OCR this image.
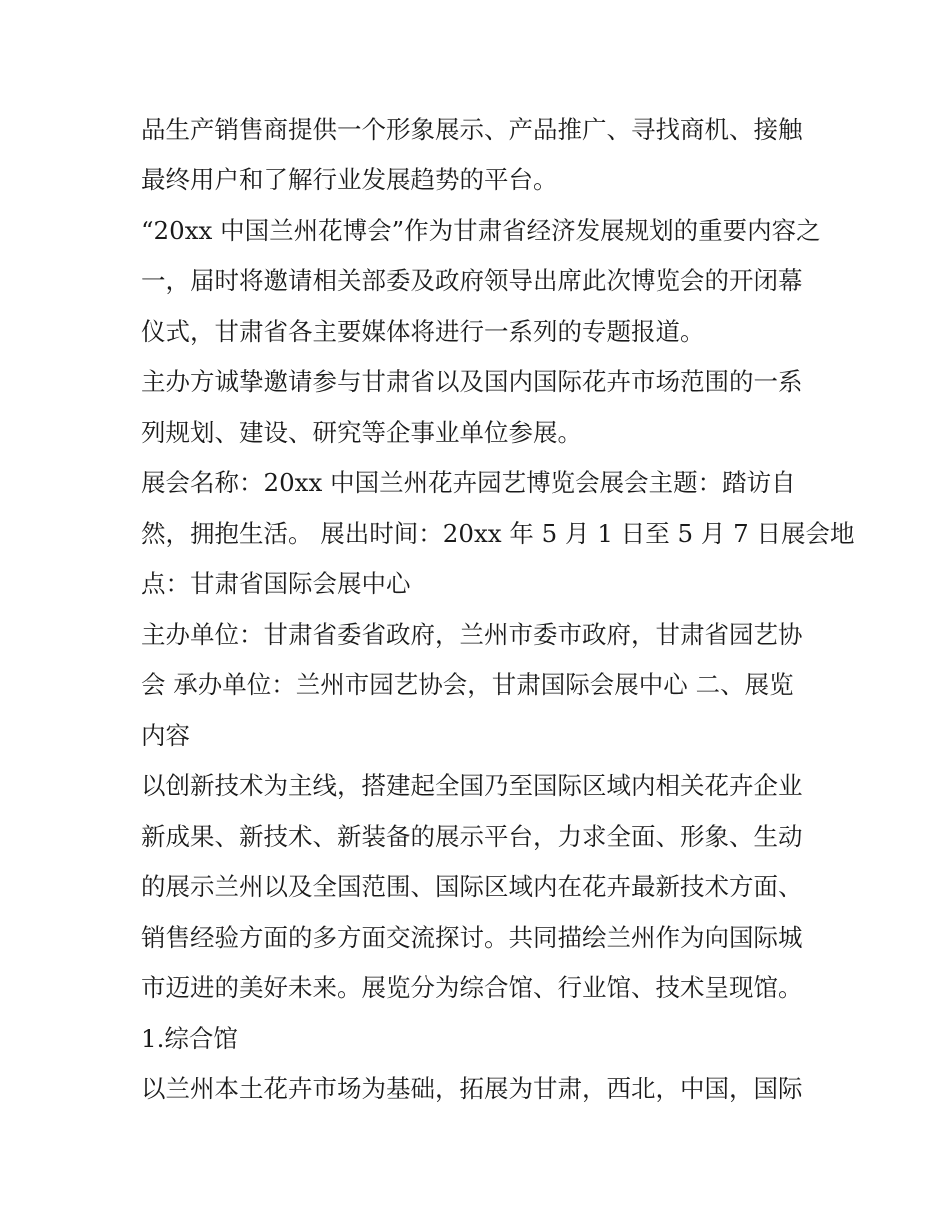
品生产销售商提供一个形象展示、产品推广、寻找商机、接触
最终用户和了解行业发展趋势的平台。
“20xx 中国兰州花博会”作为甘肃省经济发展规划的重要内容之
一，届时将邀请相关部委及政府领导出席此次博览会的开闭幕
仪式，甘肃省各主要媒体将进行一系列的专题报道。
主办方诚挚邀请参与甘肃省以及国内国际花卉市场范围的一系
列规划、建设、研究等企事业单位参展。
展会名称：20xx 中国兰州花卉园艺博览会展会主题：踏访自
然，拥抱生活。 展出时间：20xx 年 5 月 1 日至 5 月 7 日展会地
点：甘肃省国际会展中心
主办单位：甘肃省委省政府，兰州市委市政府，甘肃省园艺协
会 承办单位：兰州市园艺协会，甘肃国际会展中心 二、展览
内容
以创新技术为主线，搭建起全国乃至国际区域内相关花卉企业
新成果、新技术、新装备的展示平台，力求全面、形象、生动
的展示兰州以及全国范围、国际区域内在花卉最新技术方面、
销售经验方面的多方面交流探讨。共同描绘兰州作为向国际城
市迈进的美好未来。展览分为综合馆、行业馆、技术呈现馆。
1.综合馆
以兰州本土花卉市场为基础，拓展为甘肃，西北，中国，国际
